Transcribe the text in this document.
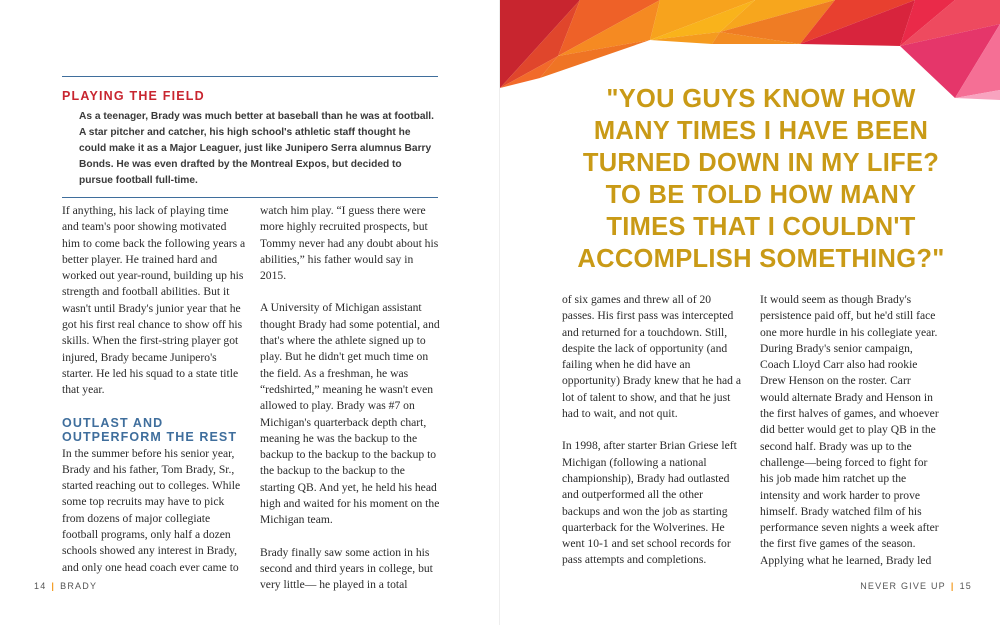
PLAYING THE FIELD

As a teenager, Brady was much better at baseball than he was at football. A star pitcher and catcher, his high school's athletic staff thought he could make it as a Major Leaguer, just like Junipero Serra alumnus Barry Bonds. He was even drafted by the Montreal Expos, but decided to pursue football full-time.

If anything, his lack of playing time and team's poor showing motivated him to come back the following years a better player. He trained hard and worked out year-round, building up his strength and football abilities. But it wasn't until Brady's junior year that he got his first real chance to show off his skills. When the first-string player got injured, Brady became Junipero's starter. He led his squad to a state title that year.

OUTLAST AND OUTPERFORM THE REST

In the summer before his senior year, Brady and his father, Tom Brady, Sr., started reaching out to colleges. While some top recruits may have to pick from dozens of major collegiate football programs, only half a dozen schools showed any interest in Brady, and only one head coach ever came to

watch him play. “I guess there were more highly recruited prospects, but Tommy never had any doubt about his abilities,” his father would say in 2015.

A University of Michigan assistant thought Brady had some potential, and that's where the athlete signed up to play. But he didn't get much time on the field. As a freshman, he was “redshirted,” meaning he wasn't even allowed to play. Brady was #7 on Michigan's quarterback depth chart, meaning he was the backup to the backup to the backup to the backup to the backup to the backup to the starting QB. And yet, he held his head high and waited for his moment on the Michigan team.

Brady finally saw some action in his second and third years in college, but very little— he played in a total

"YOU GUYS KNOW HOW MANY TIMES I HAVE BEEN TURNED DOWN IN MY LIFE? TO BE TOLD HOW MANY TIMES THAT I COULDN'T ACCOMPLISH SOMETHING?"

of six games and threw all of 20 passes. His first pass was intercepted and returned for a touchdown. Still, despite the lack of opportunity (and failing when he did have an opportunity) Brady knew that he had a lot of talent to show, and that he just had to wait, and not quit.

In 1998, after starter Brian Griese left Michigan (following a national championship), Brady had outlasted and outperformed all the other backups and won the job as starting quarterback for the Wolverines. He went 10-1 and set school records for pass attempts and completions.

It would seem as though Brady's persistence paid off, but he'd still face one more hurdle in his collegiate year. During Brady's senior campaign, Coach Lloyd Carr also had rookie Drew Henson on the roster. Carr would alternate Brady and Henson in the first halves of games, and whoever did better would get to play QB in the second half. Brady was up to the challenge—being forced to fight for his job made him ratchet up the intensity and work harder to prove himself. Brady watched film of his performance seven nights a week after the first five games of the season. Applying what he learned, Brady led

14 | BRADY	NEVER GIVE UP | 15
